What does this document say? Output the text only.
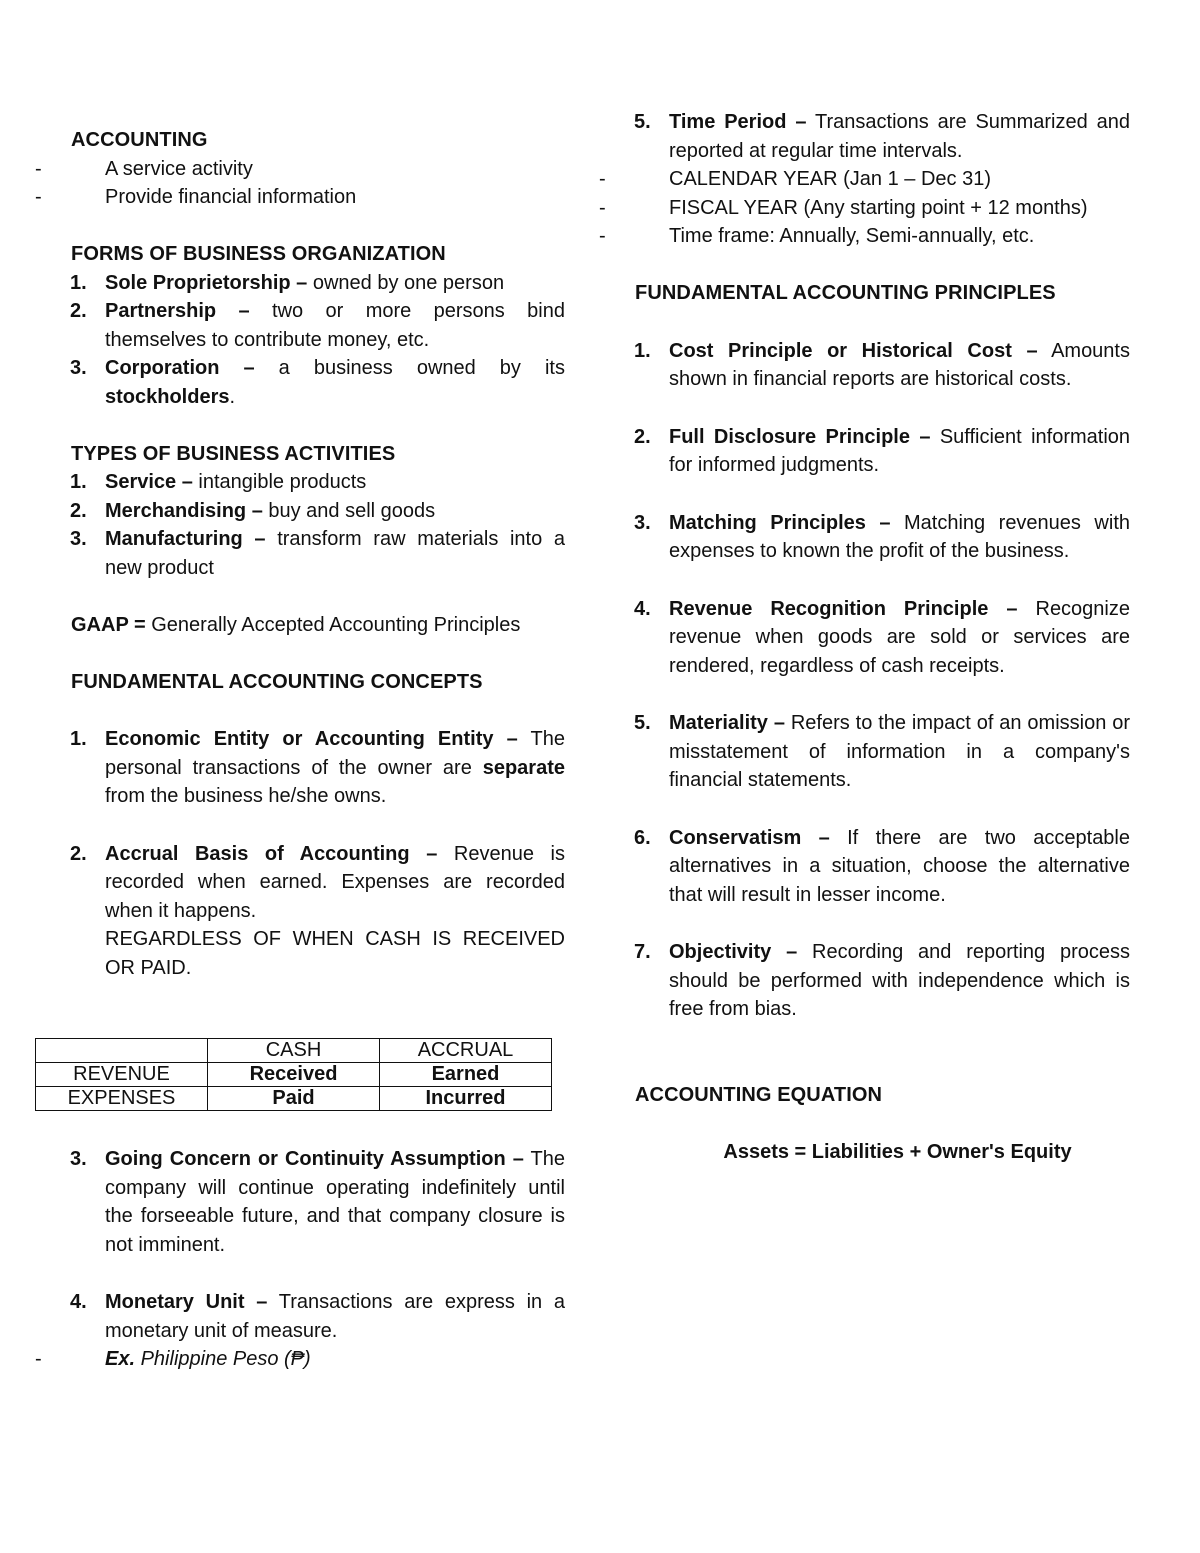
ACCOUNTING
-	A service activity
-	Provide financial information
FORMS OF BUSINESS ORGANIZATION
1. Sole Proprietorship – owned by one person
2. Partnership – two or more persons bind themselves to contribute money, etc.
3. Corporation – a business owned by its stockholders.
TYPES OF BUSINESS ACTIVITIES
1. Service – intangible products
2. Merchandising – buy and sell goods
3. Manufacturing – transform raw materials into a new product
GAAP = Generally Accepted Accounting Principles
FUNDAMENTAL ACCOUNTING CONCEPTS
1. Economic Entity or Accounting Entity – The personal transactions of the owner are separate from the business he/she owns.
2. Accrual Basis of Accounting – Revenue is recorded when earned. Expenses are recorded when it happens.
REGARDLESS OF WHEN CASH IS RECEIVED OR PAID.
	CASH	ACCRUAL
REVENUE	Received	Earned
EXPENSES	Paid	Incurred
3. Going Concern or Continuity Assumption – The company will continue operating indefinitely until the forseeable future, and that company closure is not imminent.
4. Monetary Unit – Transactions are express in a monetary unit of measure.
-	Ex. Philippine Peso (₱)
5. Time Period – Transactions are Summarized and reported at regular time intervals.
-	CALENDAR YEAR (Jan 1 – Dec 31)
-	FISCAL YEAR (Any starting point + 12 months)
-	Time frame: Annually, Semi-annually, etc.
FUNDAMENTAL ACCOUNTING PRINCIPLES
1. Cost Principle or Historical Cost – Amounts shown in financial reports are historical costs.
2. Full Disclosure Principle – Sufficient information for informed judgments.
3. Matching Principles – Matching revenues with expenses to known the profit of the business.
4. Revenue Recognition Principle – Recognize revenue when goods are sold or services are rendered, regardless of cash receipts.
5. Materiality – Refers to the impact of an omission or misstatement of information in a company's financial statements.
6. Conservatism – If there are two acceptable alternatives in a situation, choose the alternative that will result in lesser income.
7. Objectivity – Recording and reporting process should be performed with independence which is free from bias.
ACCOUNTING EQUATION
Assets = Liabilities + Owner's Equity
